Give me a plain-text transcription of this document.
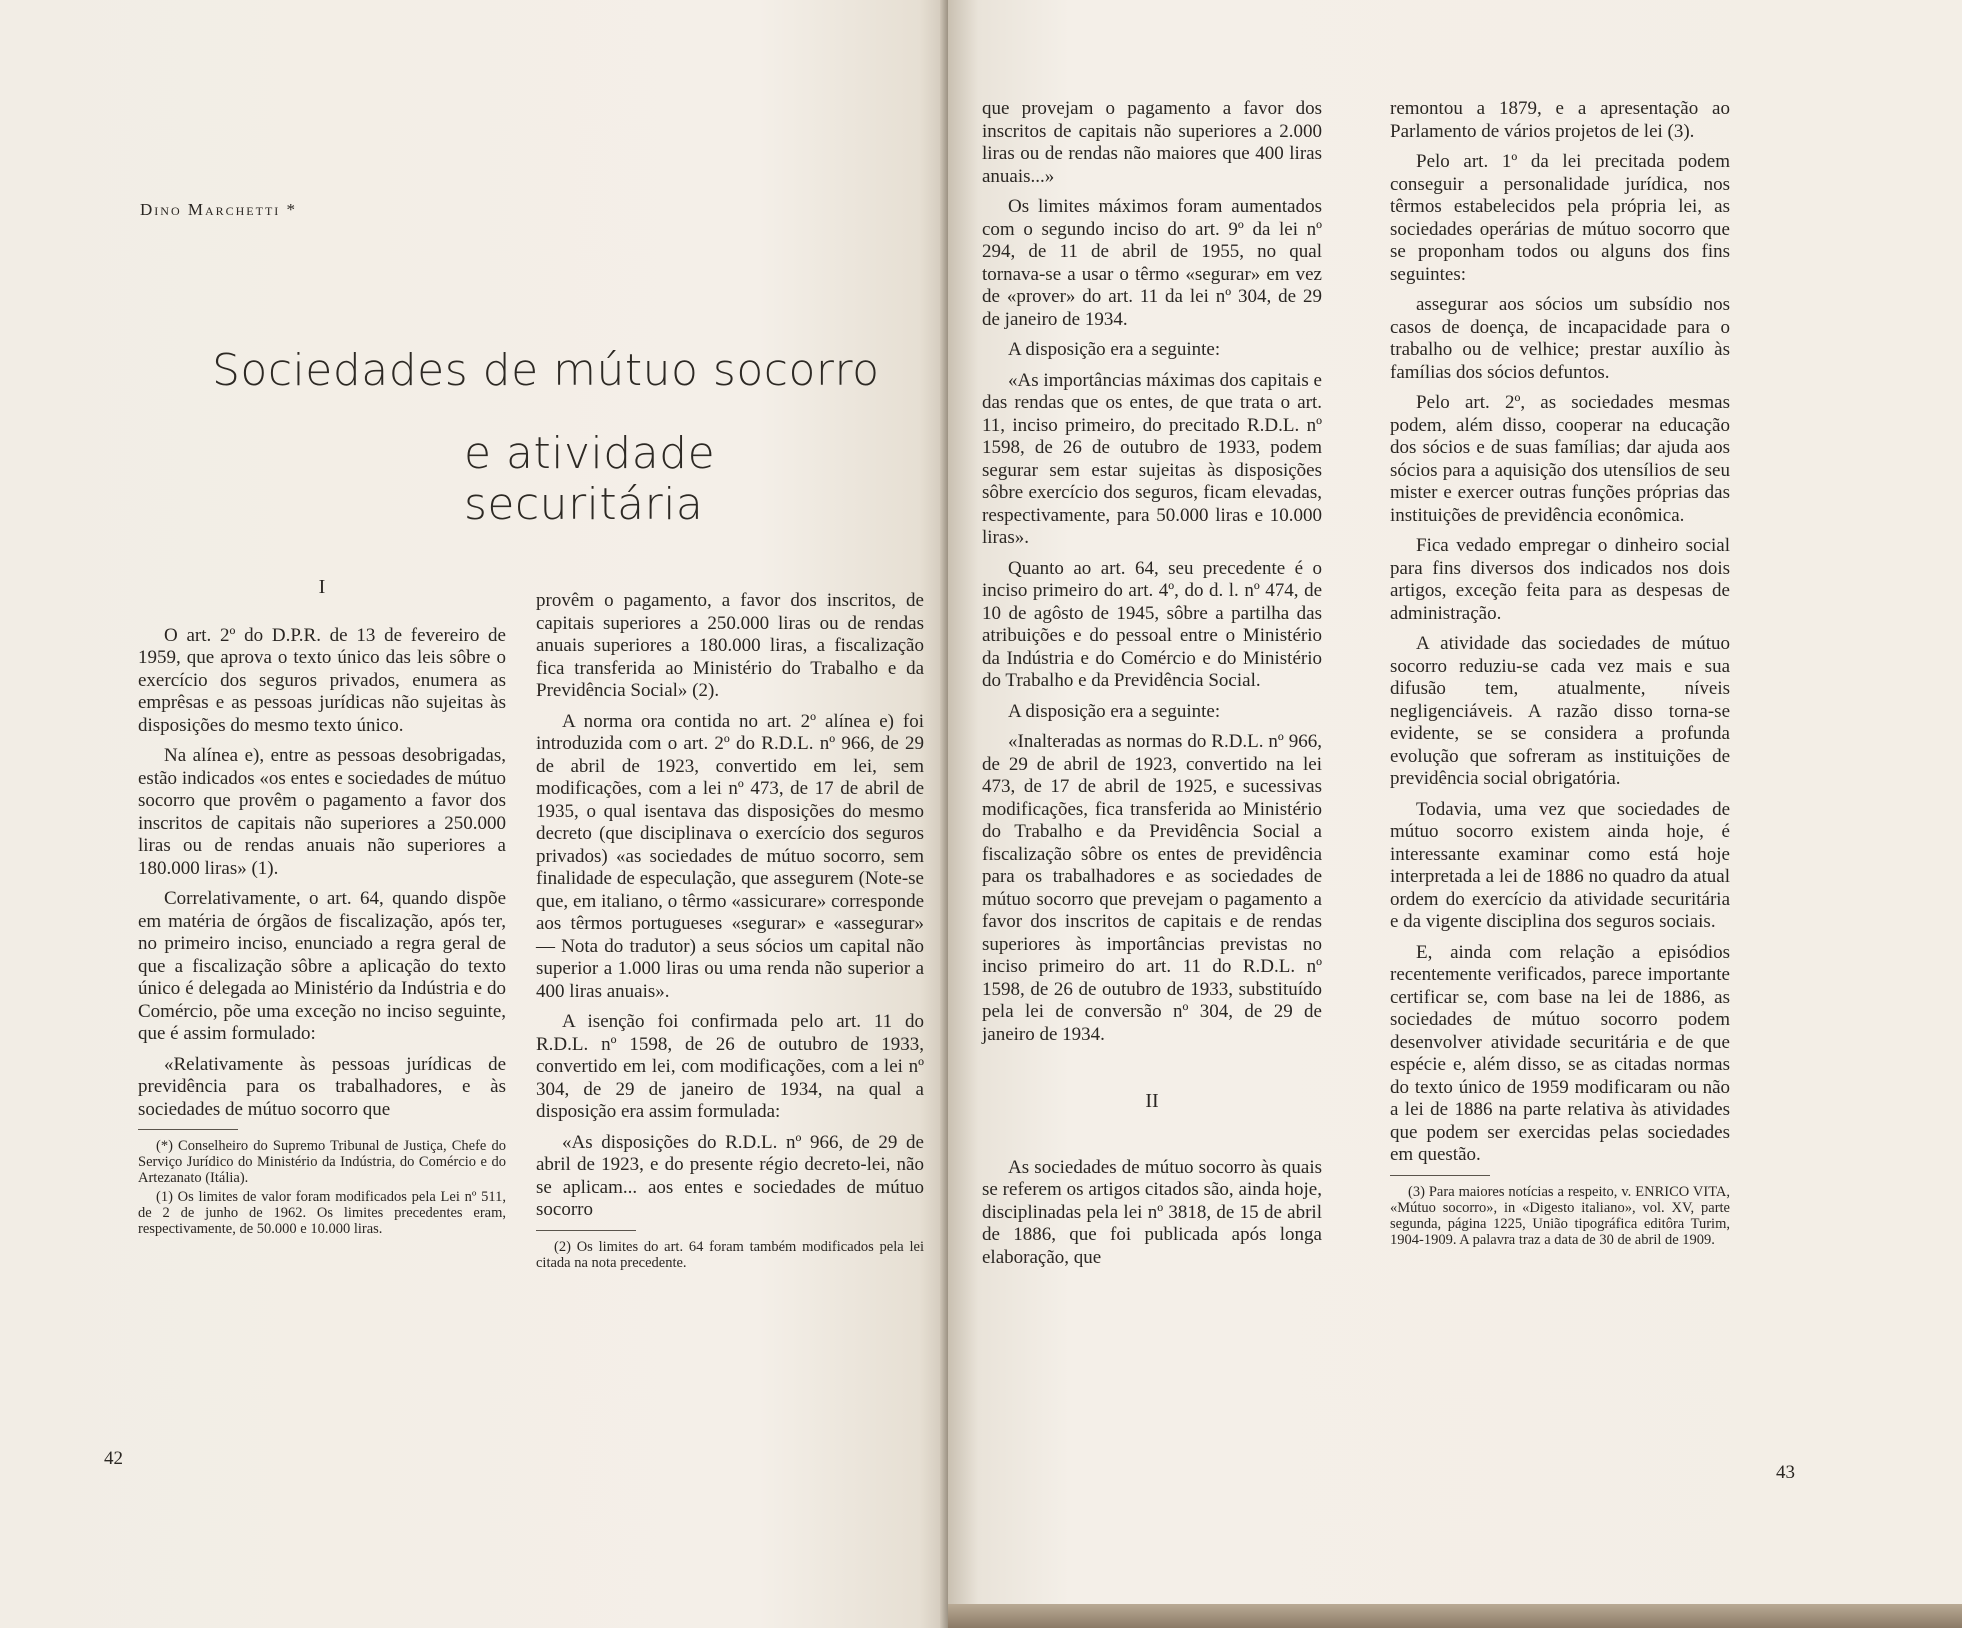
Dino Marchetti *
Sociedades de mútuo socorro
e atividade securitária

I

O art. 2º do D.P.R. de 13 de fevereiro de 1959, que aprova o texto único das leis sôbre o exercício dos seguros privados, enumera as emprêsas e as pessoas jurídicas não sujeitas às disposições do mesmo texto único.

Na alínea e), entre as pessoas desobrigadas, estão indicados «os entes e sociedades de mútuo socorro que provêm o pagamento a favor dos inscritos de capitais não superiores a 250.000 liras ou de rendas anuais não superiores a 180.000 liras» (1).

Correlativamente, o art. 64, quando dispõe em matéria de órgãos de fiscalização, após ter, no primeiro inciso, enunciado a regra geral de que a fiscalização sôbre a aplicação do texto único é delegada ao Ministério da Indústria e do Comércio, põe uma exceção no inciso seguinte, que é assim formulado:

«Relativamente às pessoas jurídicas de previdência para os trabalhadores, e às sociedades de mútuo socorro que

(*) Conselheiro do Supremo Tribunal de Justiça, Chefe do Serviço Jurídico do Ministério da Indústria, do Comércio e do Artezanato (Itália).

(1) Os limites de valor foram modificados pela Lei nº 511, de 2 de junho de 1962. Os limites precedentes eram, respectivamente, de 50.000 e 10.000 liras.

provêm o pagamento, a favor dos inscritos, de capitais superiores a 250.000 liras ou de rendas anuais superiores a 180.000 liras, a fiscalização fica transferida ao Ministério do Trabalho e da Previdência Social» (2).

A norma ora contida no art. 2º alínea e) foi introduzida com o art. 2º do R.D.L. nº 966, de 29 de abril de 1923, convertido em lei, sem modificações, com a lei nº 473, de 17 de abril de 1935, o qual isentava das disposições do mesmo decreto (que disciplinava o exercício dos seguros privados) «as sociedades de mútuo socorro, sem finalidade de especulação, que assegurem (Note-se que, em italiano, o têrmo «assicurare» corresponde aos têrmos portugueses «segurar» e «assegurar» — Nota do tradutor) a seus sócios um capital não superior a 1.000 liras ou uma renda não superior a 400 liras anuais».

A isenção foi confirmada pelo art. 11 do R.D.L. nº 1598, de 26 de outubro de 1933, convertido em lei, com modificações, com a lei nº 304, de 29 de janeiro de 1934, na qual a disposição era assim formulada:

«As disposições do R.D.L. nº 966, de 29 de abril de 1923, e do presente régio decreto-lei, não se aplicam... aos entes e sociedades de mútuo socorro

(2) Os limites do art. 64 foram também modificados pela lei citada na nota precedente.

42

que provejam o pagamento a favor dos inscritos de capitais não superiores a 2.000 liras ou de rendas não maiores que 400 liras anuais...»

Os limites máximos foram aumentados com o segundo inciso do art. 9º da lei nº 294, de 11 de abril de 1955, no qual tornava-se a usar o têrmo «segurar» em vez de «prover» do art. 11 da lei nº 304, de 29 de janeiro de 1934.

A disposição era a seguinte:

«As importâncias máximas dos capitais e das rendas que os entes, de que trata o art. 11, inciso primeiro, do precitado R.D.L. nº 1598, de 26 de outubro de 1933, podem segurar sem estar sujeitas às disposições sôbre exercício dos seguros, ficam elevadas, respectivamente, para 50.000 liras e 10.000 liras».

Quanto ao art. 64, seu precedente é o inciso primeiro do art. 4º, do d. l. nº 474, de 10 de agôsto de 1945, sôbre a partilha das atribuições e do pessoal entre o Ministério da Indústria e do Comércio e do Ministério do Trabalho e da Previdência Social.

A disposição era a seguinte:

«Inalteradas as normas do R.D.L. nº 966, de 29 de abril de 1923, convertido na lei 473, de 17 de abril de 1925, e sucessivas modificações, fica transferida ao Ministério do Trabalho e da Previdência Social a fiscalização sôbre os entes de previdência para os trabalhadores e as sociedades de mútuo socorro que prevejam o pagamento a favor dos inscritos de capitais e de rendas superiores às importâncias previstas no inciso primeiro do art. 11 do R.D.L. nº 1598, de 26 de outubro de 1933, substituído pela lei de conversão nº 304, de 29 de janeiro de 1934.

II

As sociedades de mútuo socorro às quais se referem os artigos citados são, ainda hoje, disciplinadas pela lei nº 3818, de 15 de abril de 1886, que foi publicada após longa elaboração, que

remontou a 1879, e a apresentação ao Parlamento de vários projetos de lei (3).

Pelo art. 1º da lei precitada podem conseguir a personalidade jurídica, nos têrmos estabelecidos pela própria lei, as sociedades operárias de mútuo socorro que se proponham todos ou alguns dos fins seguintes:

assegurar aos sócios um subsídio nos casos de doença, de incapacidade para o trabalho ou de velhice; prestar auxílio às famílias dos sócios defuntos.

Pelo art. 2º, as sociedades mesmas podem, além disso, cooperar na educação dos sócios e de suas famílias; dar ajuda aos sócios para a aquisição dos utensílios de seu mister e exercer outras funções próprias das instituições de previdência econômica.

Fica vedado empregar o dinheiro social para fins diversos dos indicados nos dois artigos, exceção feita para as despesas de administração.

A atividade das sociedades de mútuo socorro reduziu-se cada vez mais e sua difusão tem, atualmente, níveis negligenciáveis. A razão disso torna-se evidente, se se considera a profunda evolução que sofreram as instituições de previdência social obrigatória.

Todavia, uma vez que sociedades de mútuo socorro existem ainda hoje, é interessante examinar como está hoje interpretada a lei de 1886 no quadro da atual ordem do exercício da atividade securitária e da vigente disciplina dos seguros sociais.

E, ainda com relação a episódios recentemente verificados, parece importante certificar se, com base na lei de 1886, as sociedades de mútuo socorro podem desenvolver atividade securitária e de que espécie e, além disso, se as citadas normas do texto único de 1959 modificaram ou não a lei de 1886 na parte relativa às atividades que podem ser exercidas pelas sociedades em questão.

(3) Para maiores notícias a respeito, v. ENRICO VITA, «Mútuo socorro», in «Digesto italiano», vol. XV, parte segunda, página 1225, União tipográfica editôra Turim, 1904-1909. A palavra traz a data de 30 de abril de 1909.

43
